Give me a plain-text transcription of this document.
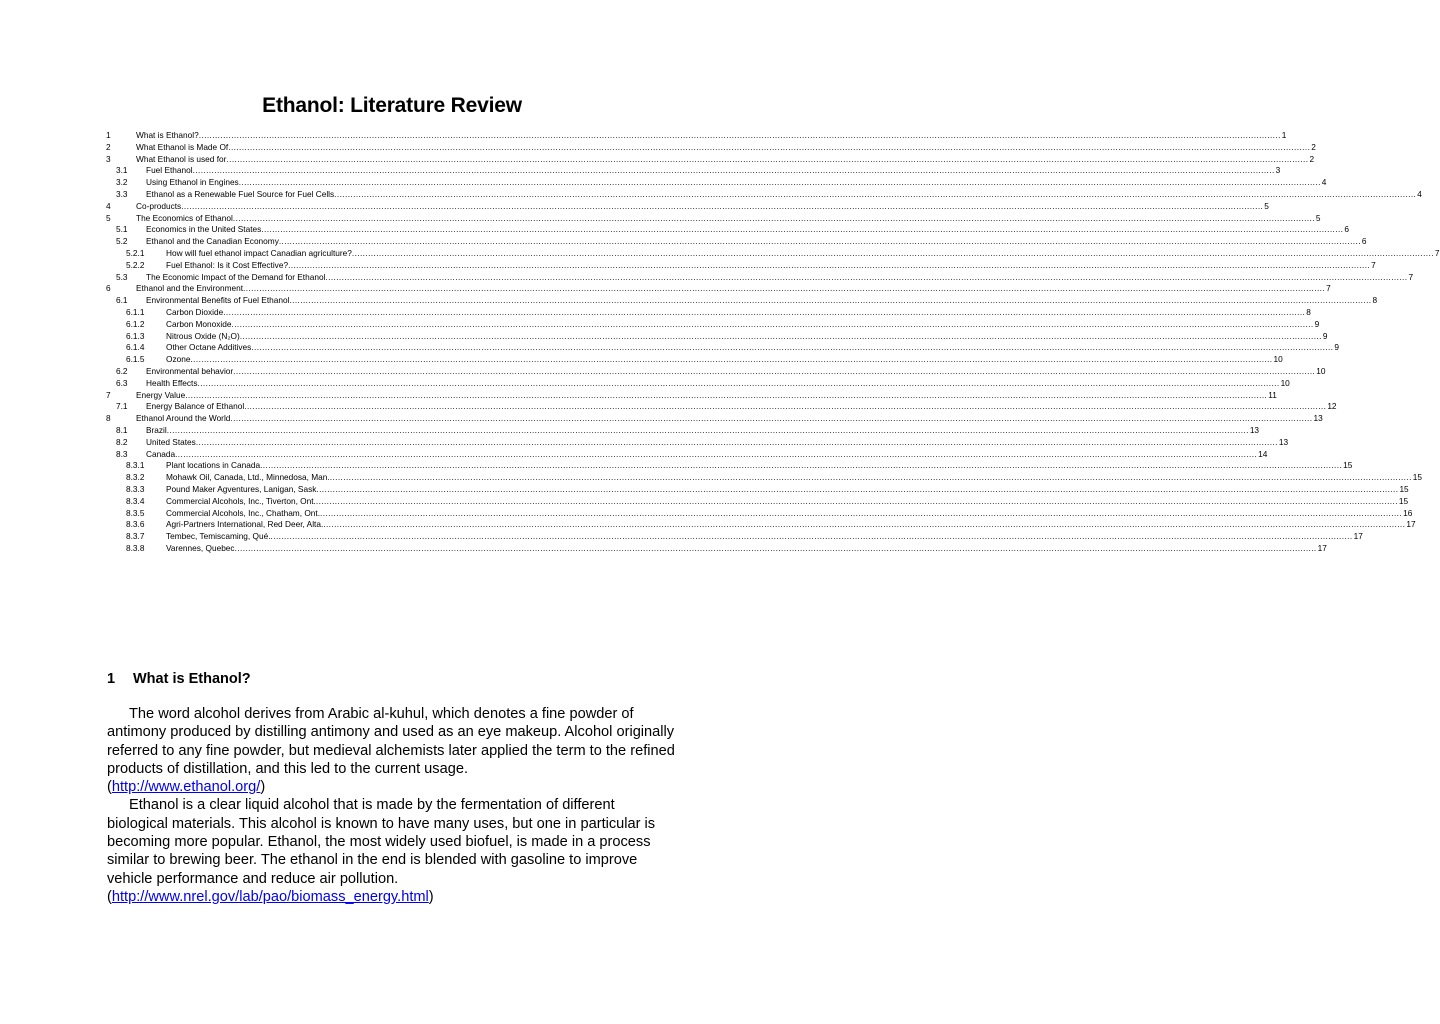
Ethanol: Literature Review
1	What is Ethanol? ................................................................................................................................................................................................................................................................................................................................................................................................................ 1
2	What Ethanol is Made Of ................................................................................................................................................................................................................................................................................................................................................................................................................ 2
3	What Ethanol is used for ................................................................................................................................................................................................................................................................................................................................................................................................................ 2
3.1 Fuel Ethanol ................................................................................................................................................................................................................................................................................................................................................................................................................ 3
3.2 Using Ethanol in Engines ................................................................................................................................................................................................................................................................................................................................................................................................................ 4
3.3 Ethanol as a Renewable Fuel Source for Fuel Cells ................................................................................................................................................................................................................................................................................................................................................................................................................ 4
4	Co-products ................................................................................................................................................................................................................................................................................................................................................................................................................ 5
5	The Economics of Ethanol ................................................................................................................................................................................................................................................................................................................................................................................................................ 5
5.1 Economics in the United States ................................................................................................................................................................................................................................................................................................................................................................................................................ 6
5.2 Ethanol and the Canadian Economy ................................................................................................................................................................................................................................................................................................................................................................................................................ 6
5.2.1	How will fuel ethanol impact Canadian agriculture? ................................................................................................................................................................................................................................................................................................................................................................................................................ 7
5.2.2	Fuel Ethanol: Is it Cost Effective? ................................................................................................................................................................................................................................................................................................................................................................................................................ 7
5.3 The Economic Impact of the Demand for Ethanol ................................................................................................................................................................................................................................................................................................................................................................................................................ 7
6	Ethanol and the Environment ................................................................................................................................................................................................................................................................................................................................................................................................................ 7
6.1 Environmental Benefits of Fuel Ethanol ................................................................................................................................................................................................................................................................................................................................................................................................................ 8
6.1.1	Carbon Dioxide ................................................................................................................................................................................................................................................................................................................................................................................................................ 8
6.1.2	Carbon Monoxide ................................................................................................................................................................................................................................................................................................................................................................................................................ 9
6.1.3	Nitrous Oxide (N₂O) ................................................................................................................................................................................................................................................................................................................................................................................................................ 9
6.1.4	Other Octane Additives ................................................................................................................................................................................................................................................................................................................................................................................................................ 9
6.1.5	Ozone ................................................................................................................................................................................................................................................................................................................................................................................................................ 10
6.2 Environmental behavior ................................................................................................................................................................................................................................................................................................................................................................................................................ 10
6.3 Health Effects ................................................................................................................................................................................................................................................................................................................................................................................................................ 10
7	Energy Value ................................................................................................................................................................................................................................................................................................................................................................................................................ 11
7.1 Energy Balance of Ethanol ................................................................................................................................................................................................................................................................................................................................................................................................................ 12
8	Ethanol Around the World ................................................................................................................................................................................................................................................................................................................................................................................................................ 13
8.1 Brazil ................................................................................................................................................................................................................................................................................................................................................................................................................ 13
8.2 United States ................................................................................................................................................................................................................................................................................................................................................................................................................ 13
8.3 Canada ................................................................................................................................................................................................................................................................................................................................................................................................................ 14
8.3.1	Plant locations in Canada ................................................................................................................................................................................................................................................................................................................................................................................................................ 15
8.3.2	Mohawk Oil, Canada, Ltd., Minnedosa, Man. ................................................................................................................................................................................................................................................................................................................................................................................................................ 15
8.3.3	Pound Maker Agventures, Lanigan, Sask ................................................................................................................................................................................................................................................................................................................................................................................................................ 15
8.3.4	Commercial Alcohols, Inc., Tiverton, Ont. ................................................................................................................................................................................................................................................................................................................................................................................................................ 15
8.3.5	Commercial Alcohols, Inc., Chatham, Ont. ................................................................................................................................................................................................................................................................................................................................................................................................................ 16
8.3.6	Agri-Partners International, Red Deer, Alta. ................................................................................................................................................................................................................................................................................................................................................................................................................ 17
8.3.7	Tembec, Temiscaming, Qué. ................................................................................................................................................................................................................................................................................................................................................................................................................ 17
8.3.8	Varennes, Quebec ................................................................................................................................................................................................................................................................................................................................................................................................................ 17
1 What is Ethanol?

The word alcohol derives from Arabic al-kuhul, which denotes a fine powder of antimony produced by distilling antimony and used as an eye makeup. Alcohol originally referred to any fine powder, but medieval alchemists later applied the term to the refined products of distillation, and this led to the current usage.
(http://www.ethanol.org/)

Ethanol is a clear liquid alcohol that is made by the fermentation of different biological materials. This alcohol is known to have many uses, but one in particular is becoming more popular. Ethanol, the most widely used biofuel, is made in a process similar to brewing beer. The ethanol in the end is blended with gasoline to improve vehicle performance and reduce air pollution.
(http://www.nrel.gov/lab/pao/biomass_energy.html)
